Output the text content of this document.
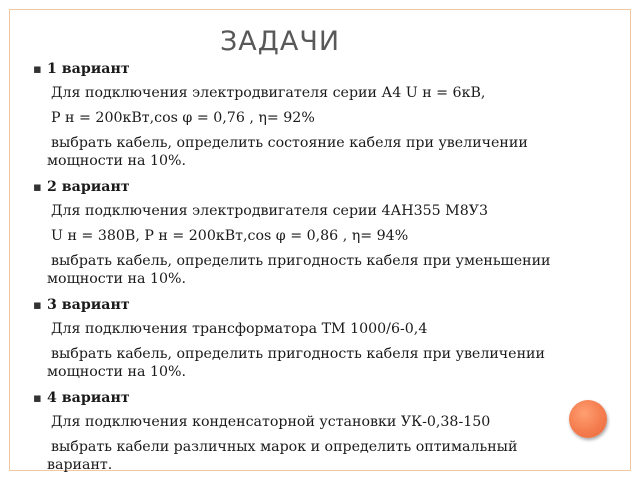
ЗАДАЧИ
▪ 1 вариант
Для подключения электродвигателя серии А4 U н = 6кВ,
Р н = 200кВт,cos φ = 0,76 , η= 92%
выбрать кабель, определить состояние кабеля при увеличении
мощности на 10%.
▪ 2 вариант
Для подключения электродвигателя серии 4АН355 М8У3
U н = 380В, Р н = 200кВт,cos φ = 0,86 , η= 94%
выбрать кабель, определить пригодность кабеля при уменьшении
мощности на 10%.
▪ 3 вариант
Для подключения трансформатора ТМ 1000/6-0,4
выбрать кабель, определить пригодность кабеля при увеличении
мощности на 10%.
▪ 4 вариант
Для подключения конденсаторной установки УК-0,38-150
выбрать кабели различных марок и определить оптимальный
вариант.
